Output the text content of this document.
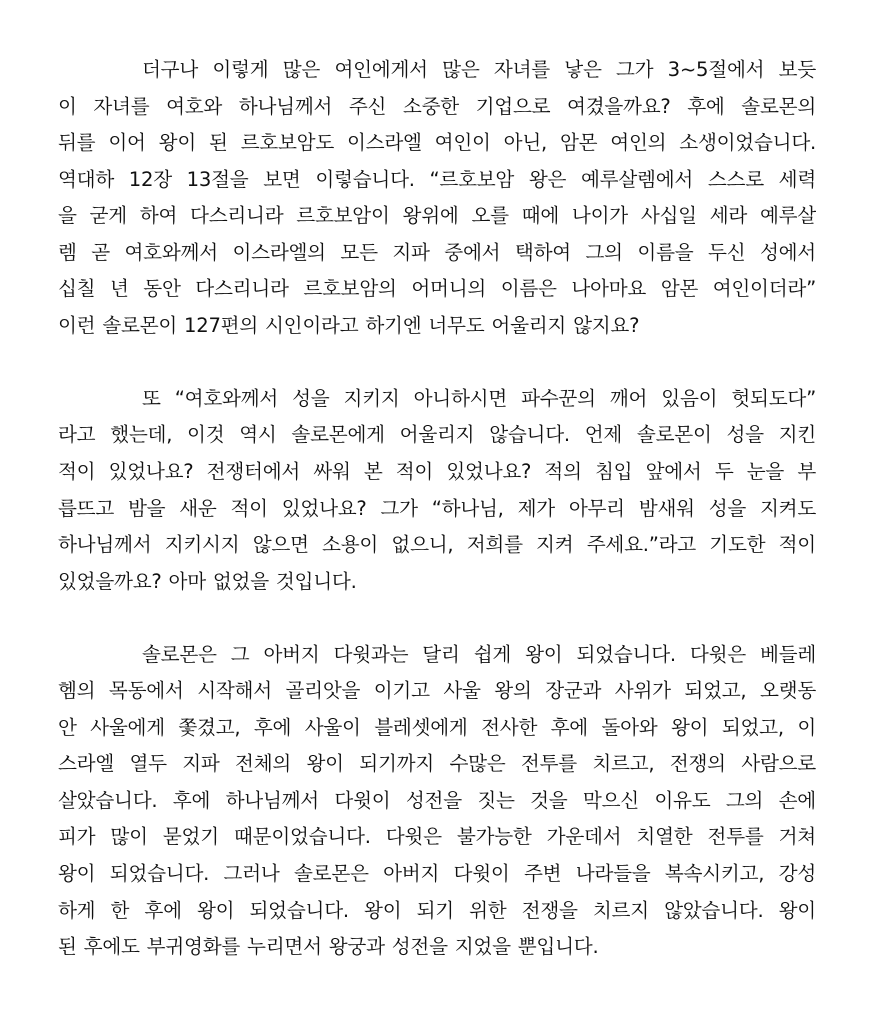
더구나 이렇게 많은 여인에게서 많은 자녀를 낳은 그가 3~5절에서 보듯
이 자녀를 여호와 하나님께서 주신 소중한 기업으로 여겼을까요? 후에 솔로몬의
뒤를 이어 왕이 된 르호보암도 이스라엘 여인이 아닌, 암몬 여인의 소생이었습니다.
역대하 12장 13절을 보면 이렇습니다. “르호보암 왕은 예루살렘에서 스스로 세력
을 굳게 하여 다스리니라 르호보암이 왕위에 오를 때에 나이가 사십일 세라 예루살
렘 곧 여호와께서 이스라엘의 모든 지파 중에서 택하여 그의 이름을 두신 성에서
십칠 년 동안 다스리니라 르호보암의 어머니의 이름은 나아마요 암몬 여인이더라”
이런 솔로몬이 127편의 시인이라고 하기엔 너무도 어울리지 않지요?
또 “여호와께서 성을 지키지 아니하시면 파수꾼의 깨어 있음이 헛되도다”
라고 했는데, 이것 역시 솔로몬에게 어울리지 않습니다. 언제 솔로몬이 성을 지킨
적이 있었나요? 전쟁터에서 싸워 본 적이 있었나요? 적의 침입 앞에서 두 눈을 부
릅뜨고 밤을 새운 적이 있었나요? 그가 “하나님, 제가 아무리 밤새워 성을 지켜도
하나님께서 지키시지 않으면 소용이 없으니, 저희를 지켜 주세요.”라고 기도한 적이
있었을까요? 아마 없었을 것입니다.
솔로몬은 그 아버지 다윗과는 달리 쉽게 왕이 되었습니다. 다윗은 베들레
헴의 목동에서 시작해서 골리앗을 이기고 사울 왕의 장군과 사위가 되었고, 오랫동
안 사울에게 쫓겼고, 후에 사울이 블레셋에게 전사한 후에 돌아와 왕이 되었고, 이
스라엘 열두 지파 전체의 왕이 되기까지 수많은 전투를 치르고, 전쟁의 사람으로
살았습니다. 후에 하나님께서 다윗이 성전을 짓는 것을 막으신 이유도 그의 손에
피가 많이 묻었기 때문이었습니다. 다윗은 불가능한 가운데서 치열한 전투를 거쳐
왕이 되었습니다. 그러나 솔로몬은 아버지 다윗이 주변 나라들을 복속시키고, 강성
하게 한 후에 왕이 되었습니다. 왕이 되기 위한 전쟁을 치르지 않았습니다. 왕이
된 후에도 부귀영화를 누리면서 왕궁과 성전을 지었을 뿐입니다.
